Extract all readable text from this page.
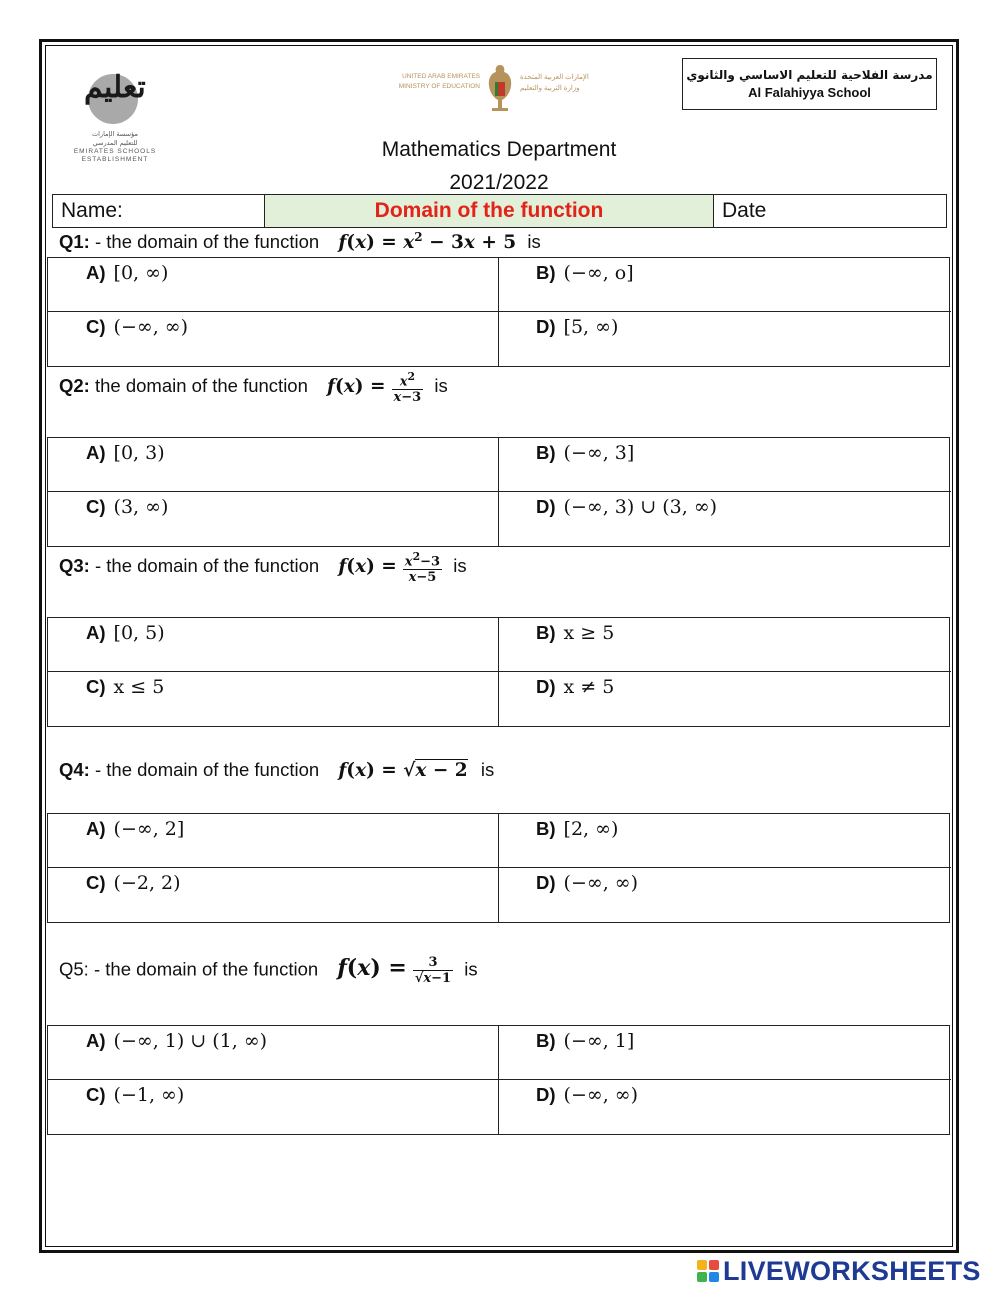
تعليم
مؤسسة الإمارات
للتعليم المدرسي
EMIRATES SCHOOLS
ESTABLISHMENT
UNITED ARAB EMIRATES
MINISTRY OF EDUCATION
الإمارات العربية المتحدة
وزارة التربية والتعليم
مدرسة الفلاحية للتعليم الاساسي والثانوي
Al Falahiyya School
Mathematics Department
2021/2022
Name:	Domain of the function	Date
Q1: - the domain of the function $f(x) = x^2 - 3x + 5$ is
A) [0, ∞)	B) (−∞, o]
C) (−∞, ∞)	D) [5, ∞)
Q2: the domain of the function $f(x) = \frac{x^2}{x-3}$ is
A) [0, 3)	B) (−∞, 3]
C) (3, ∞)	D) (−∞, 3) ∪ (3, ∞)
Q3: - the domain of the function $f(x) = \frac{x^2-3}{x-5}$ is
A) [0, 5)	B) x ≥ 5
C) x ≤ 5	D) x ≠ 5
Q4: - the domain of the function f(x) = √x − 2 is
A) (−∞, 2]	B) [2, ∞)
C) (−2, 2)	D) (−∞, ∞)
Q5: - the domain of the function $f(x) = \frac{3}{√x-1}$ is
A) (−∞, 1) ∪ (1, ∞)	B) (−∞, 1]
C) (−1, ∞)	D) (−∞, ∞)
LIVEWORKSHEETS
